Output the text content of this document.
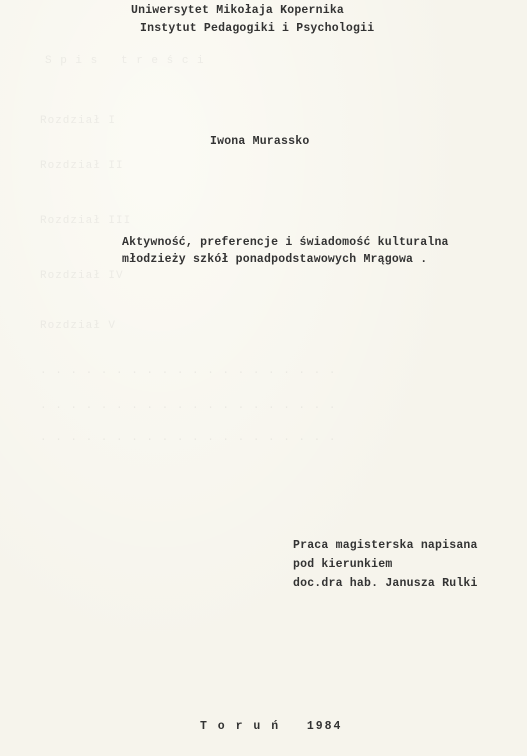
S p i s   t r e ś c i
Rozdział I
Rozdział II
Rozdział III
Rozdział IV
Rozdział V
. . . . . . . . . . . . . . . . . . . .
. . . . . . . . . . . . . . . . . . . .
. . . . . . . . . . . . . . . . . . . .
Uniwersytet Mikołaja Kopernika
Instytut Pedagogiki i Psychologii
Iwona Murassko
Aktywność, preferencje i świadomość kulturalna
młodzieży szkół ponadpodstawowych Mrągowa .
Praca magisterska napisana
pod kierunkiem
doc.dra hab. Janusza Rulki
T o r u ń   1984
